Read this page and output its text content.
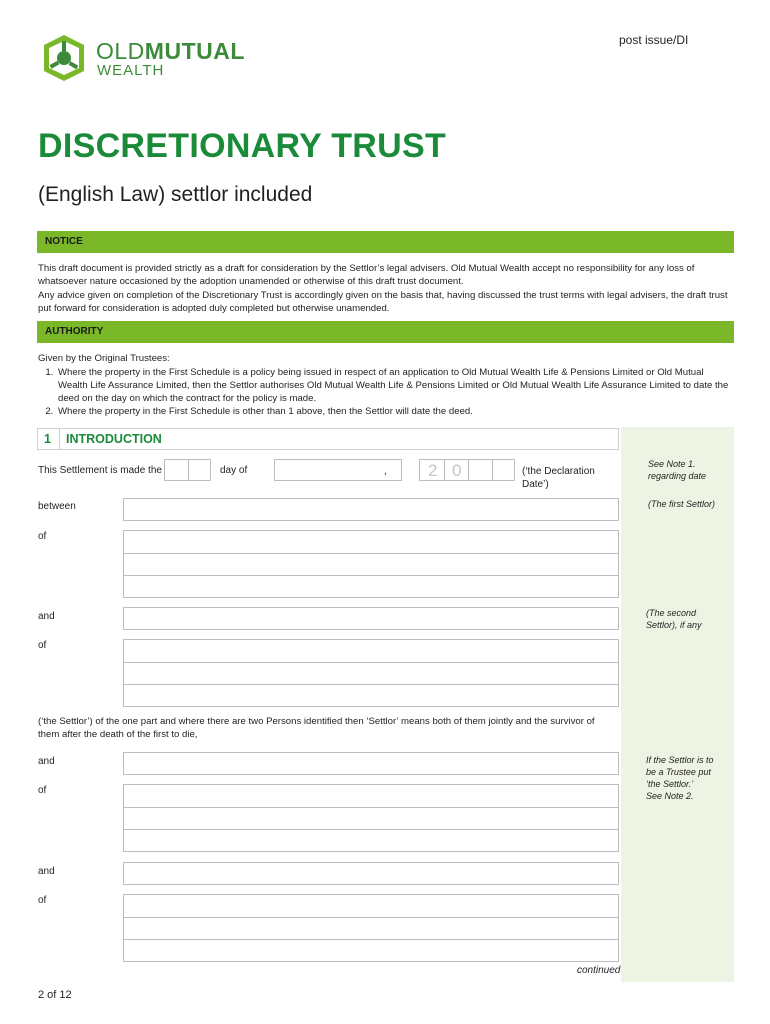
post issue/DI
OLDMUTUAL
WEALTH
DISCRETIONARY TRUST
(English Law) settlor included
NOTICE

This draft document is provided strictly as a draft for consideration by the Settlor’s legal advisers. Old Mutual Wealth accept no responsibility for any loss of whatsoever nature occasioned by the adoption unamended or otherwise of this draft trust document.

Any advice given on completion of the Discretionary Trust is accordingly given on the basis that, having discussed the trust terms with legal advisers, the draft trust put forward for consideration is adopted duly completed but otherwise unamended.

AUTHORITY

Given by the Original Trustees:

1. Where the property in the First Schedule is a policy being issued in respect of an application to Old Mutual Wealth Life & Pensions Limited or Old Mutual Wealth Life Assurance Limited, then the Settlor authorises Old Mutual Wealth Life & Pensions Limited or Old Mutual Wealth Life Assurance Limited to date the deed on the day on which the contract for the policy is made.
2. Where the property in the First Schedule is other than 1 above, then the Settlor will date the deed.
See Note 1. regarding date
(The first Settlor)
(The second Settlor), if any
If the Settlor is to be a Trustee put ‘the Settlor.’
See Note 2.
1 INTRODUCTION
This Settlement is made the	day of	, 2 0	(‘the Declaration Date’)
between
of
and
of
(‘the Settlor’) of the one part and where there are two Persons identified then ‘Settlor’ means both of them jointly and the survivor of them after the death of the first to die,
and
of
and
of
continued
2 of 12
